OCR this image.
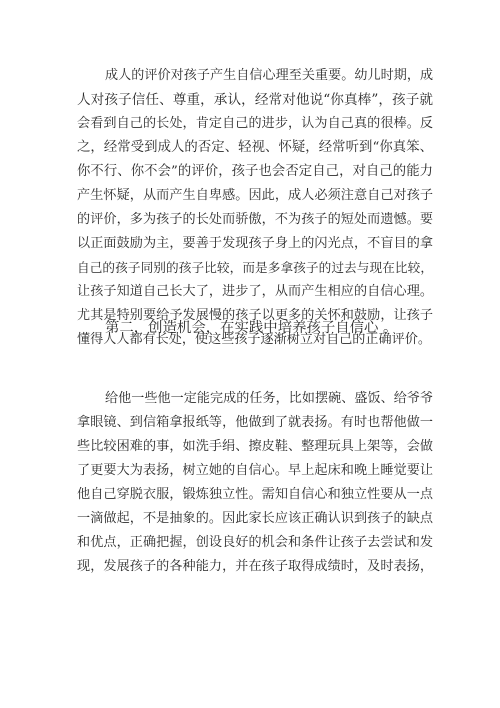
成人的评价对孩子产生自信心理至关重要。幼儿时期，成
人对孩子信任、尊重，承认，经常对他说“你真棒”，孩子就
会看到自己的长处，肯定自己的进步，认为自己真的很棒。反
之，经常受到成人的否定、轻视、怀疑，经常听到“你真笨、
你不行、你不会”的评价，孩子也会否定自己，对自己的能力
产生怀疑，从而产生自卑感。因此，成人必须注意自己对孩子
的评价，多为孩子的长处而骄傲，不为孩子的短处而遗憾。要
以正面鼓励为主，要善于发现孩子身上的闪光点，不盲目的拿
自己的孩子同别的孩子比较，而是多拿孩子的过去与现在比较，
让孩子知道自己长大了，进步了，从而产生相应的自信心理。
尤其是特别要给予发展慢的孩子以更多的关怀和鼓励，让孩子
懂得人人都有长处，使这些孩子逐渐树立对自己的正确评价。
第二，创造机会，在实践中培养孩子自信心 。
给他一些他一定能完成的任务，比如摆碗、盛饭、给爷爷
拿眼镜、到信箱拿报纸等，他做到了就表扬。有时也帮他做一
些比较困难的事，如洗手绢、擦皮鞋、整理玩具上架等，会做
了更要大为表扬，树立她的自信心。早上起床和晚上睡觉要让
他自己穿脱衣服，锻炼独立性。需知自信心和独立性要从一点
一滴做起，不是抽象的。因此家长应该正确认识到孩子的缺点
和优点，正确把握，创设良好的机会和条件让孩子去尝试和发
现，发展孩子的各种能力，并在孩子取得成绩时，及时表扬，
